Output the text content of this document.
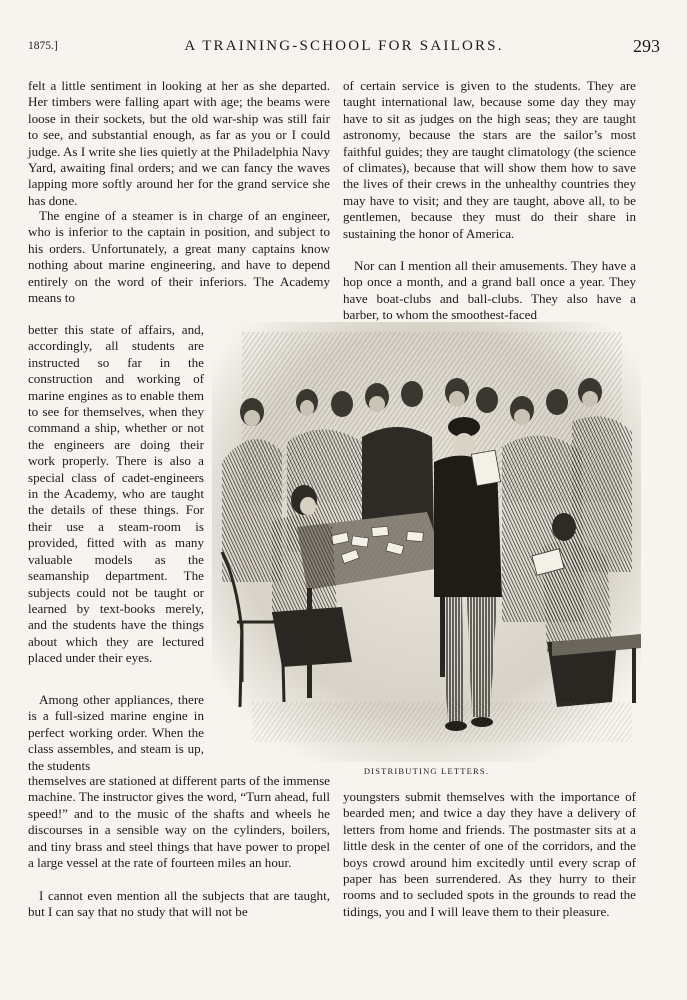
1875.]	A TRAINING-SCHOOL FOR SAILORS.	293

felt a little sentiment in looking at her as she departed. Her timbers were falling apart with age; the beams were loose in their sockets, but the old war-ship was still fair to see, and substantial enough, as far as you or I could judge. As I write she lies quietly at the Philadelphia Navy Yard, awaiting final orders; and we can fancy the waves lapping more softly around her for the grand service she has done.

The engine of a steamer is in charge of an engineer, who is inferior to the captain in position, and subject to his orders. Unfortunately, a great many captains know nothing about marine engineering, and have to depend entirely on the word of their inferiors. The Academy means to

better this state of affairs, and, accordingly, all students are instructed so far in the construction and working of marine engines as to enable them to see for themselves, when they command a ship, whether or not the engineers are doing their work properly. There is also a special class of cadet-engineers in the Academy, who are taught the details of these things. For their use a steam-room is provided, fitted with as many valuable models as the seamanship department. The subjects could not be taught or learned by text-books merely, and the students have the things about which they are lectured placed under their eyes.

Among other appliances, there is a full-sized marine engine in perfect working order. When the class assembles, and steam is up, the students

themselves are stationed at different parts of the immense machine. The instructor gives the word, “Turn ahead, full speed!” and to the music of the shafts and wheels he discourses in a sensible way on the cylinders, boilers, and tiny brass and steel things that have power to propel a large vessel at the rate of fourteen miles an hour.

I cannot even mention all the subjects that are taught, but I can say that no study that will not be

of certain service is given to the students. They are taught international law, because some day they may have to sit as judges on the high seas; they are taught astronomy, because the stars are the sailor’s most faithful guides; they are taught climatology (the science of climates), because that will show them how to save the lives of their crews in the unhealthy countries they may have to visit; and they are taught, above all, to be gentlemen, because they must do their share in sustaining the honor of America.

Nor can I mention all their amusements. They have a hop once a month, and a grand ball once a year. They have boat-clubs and ball-clubs. They also have a barber, to whom the smoothest-faced

youngsters submit themselves with the importance of bearded men; and twice a day they have a delivery of letters from home and friends. The postmaster sits at a little desk in the center of one of the corridors, and the boys crowd around him excitedly until every scrap of paper has been surrendered. As they hurry to their rooms and to secluded spots in the grounds to read the tidings, you and I will leave them to their pleasure.

DISTRIBUTING LETTERS.
